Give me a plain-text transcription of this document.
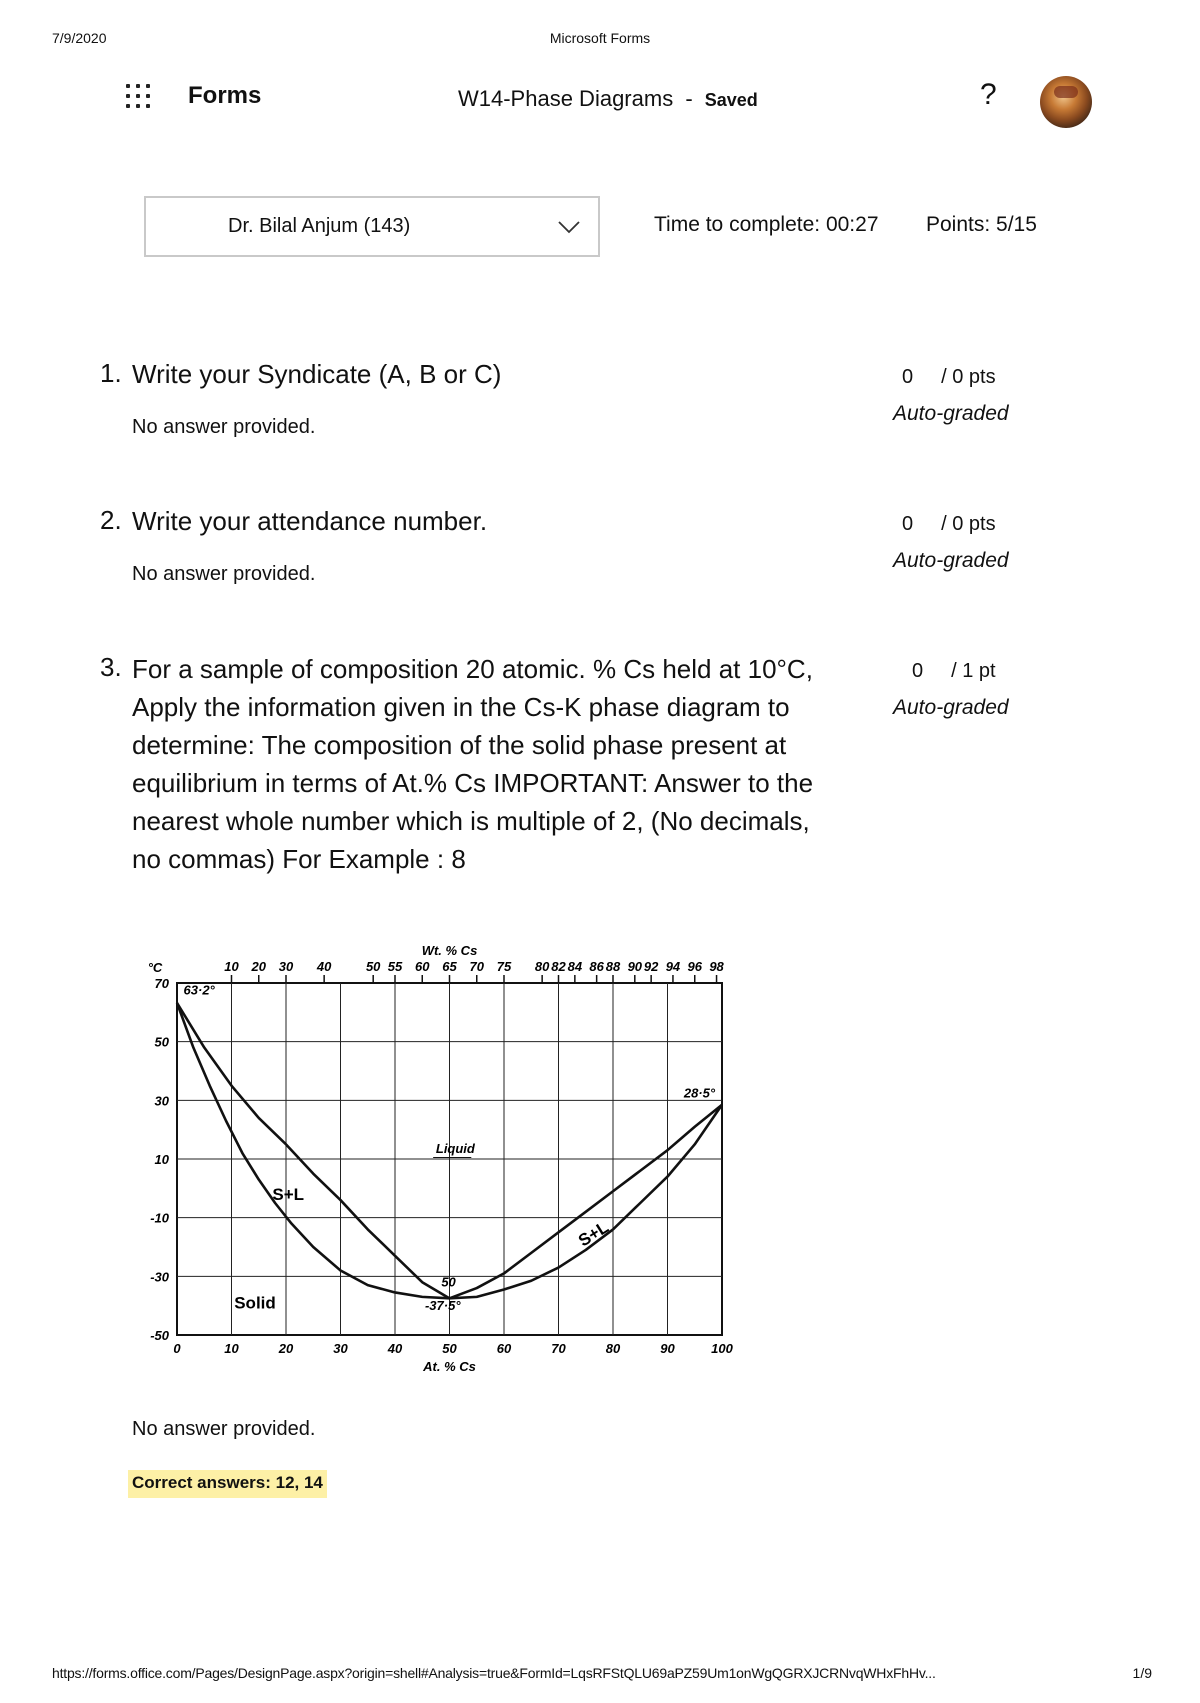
7/9/2020	Microsoft Forms
Forms	W14-Phase Diagrams - Saved	?
Dr. Bilal Anjum (143)	Time to complete: 00:27 Points: 5/15
1. Write your Syndicate (A, B or C)
No answer provided.
0 / 0 pts
Auto-graded
2. Write your attendance number.
No answer provided.
0 / 0 pts
Auto-graded
3. For a sample of composition 20 atomic. % Cs held at 10°C, Apply the information given in the Cs-K phase diagram to determine: The composition of the solid phase present at equilibrium in terms of At.% Cs IMPORTANT: Answer to the nearest whole number which is multiple of 2, (No decimals, no commas) For Example : 8
0 / 1 pt
Auto-graded
0	10	20	30	40	50	60	70	80	90	100
70
50
30
10
-10
-30
-50
10 20 30 40	50 55 60 65 70 75 80 82 84 86 88 90 92 94 96 98
At. % Cs
Wt. % Cs
°C
63·2°
28·5°
Liquid
S+L
S+L
Solid
50
-37·5°
No answer provided.
Correct answers: 12, 14
https://forms.office.com/Pages/DesignPage.aspx?origin=shell#Analysis=true&FormId=LqsRFStQLU69aPZ59Um1onWgQGRXJCRNvqWHxFhHv...	1/9
